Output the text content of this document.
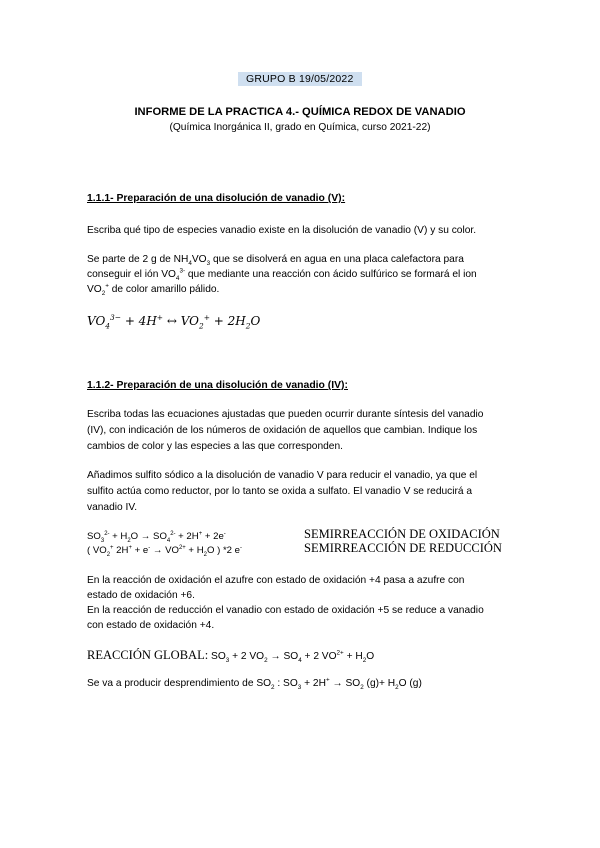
GRUPO B 19/05/2022
INFORME DE LA PRACTICA 4.- QUÍMICA REDOX DE VANADIO
(Química Inorgánica II, grado en Química, curso 2021-22)
1.1.1- Preparación de una disolución de vanadio (V):
Escriba qué tipo de especies vanadio existe en la disolución de vanadio (V) y su color.
Se parte de 2 g de $NH_4VO_3$ que se disolverá en agua en una placa calefactora para
conseguir el ión $VO_4^{3-}$ que mediante una reacción con ácido sulfúrico se formará el ion
$VO_2^+$ de color amarillo pálido.
$VO_4^{3-} + 4H^+$ ↔ $VO_2^+ + 2H_2O$
1.1.2- Preparación de una disolución de vanadio (IV):
Escriba todas las ecuaciones ajustadas que pueden ocurrir durante síntesis del vanadio
(IV), con indicación de los números de oxidación de aquellos que cambian. Indique los
cambios de color y las especies a las que corresponden.
Añadimos sulfito sódico a la disolución de vanadio V para reducir el vanadio, ya que el
sulfito actúa como reductor, por lo tanto se oxida a sulfato. El vanadio V se reducirá a
vanadio IV.
$SO_3^{2-} + H_2O \to SO_4^{2-} + 2H^+ + 2e^-$	SEMIRREACCIÓN DE OXIDACIÓN
( $VO_2^+$ $2H^+ + e^- \to VO^{2+} + H_2O$ ) *2 e-	SEMIRREACCIÓN DE REDUCCIÓN
En la reacción de oxidación el azufre con estado de oxidación +4 pasa a azufre con
estado de oxidación +6.
En la reacción de reducción el vanadio con estado de oxidación +5 se reduce a vanadio
con estado de oxidación +4.
REACCIÓN GLOBAL: $SO_3 + 2$ $VO_2 \to SO_4 + 2$ $VO^{2+} + H_2O$
Se va a producir desprendimiento de $SO_2$ : $SO_3 + 2H^+ \to SO_2$ $(g)+ H_2O$ (g)
